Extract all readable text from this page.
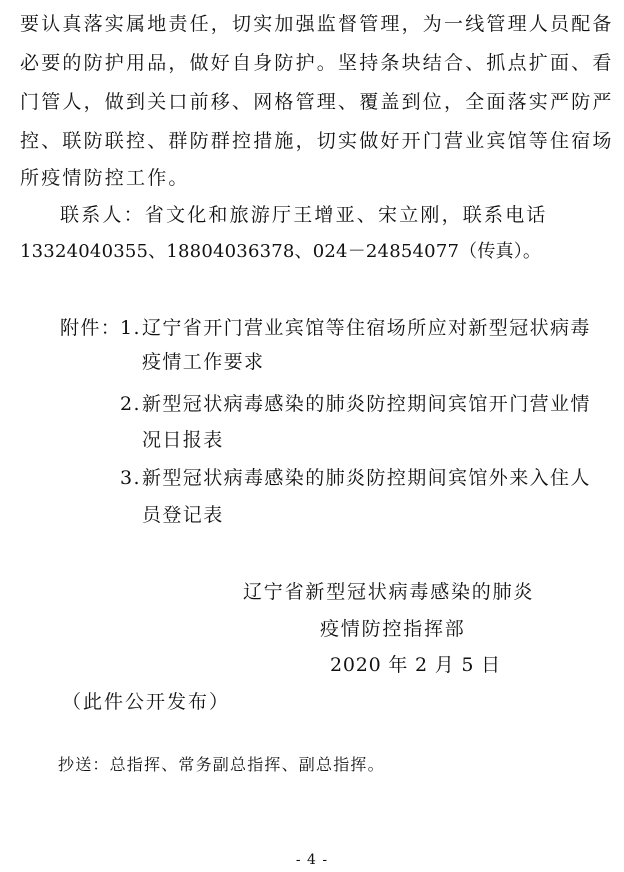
要认真落实属地责任，切实加强监督管理，为一线管理人员配备
必要的防护用品，做好自身防护。坚持条块结合、抓点扩面、看
门管人，做到关口前移、网格管理、覆盖到位，全面落实严防严
控、联防联控、群防群控措施，切实做好开门营业宾馆等住宿场
所疫情防控工作。
联系人：省文化和旅游厅王增亚、宋立刚，联系电话
13324040355、18804036378、024－24854077（传真）。
附件：
1. 辽宁省开门营业宾馆等住宿场所应对新型冠状病毒
疫情工作要求
2. 新型冠状病毒感染的肺炎防控期间宾馆开门营业情
况日报表
3. 新型冠状病毒感染的肺炎防控期间宾馆外来入住人
员登记表
辽宁省新型冠状病毒感染的肺炎
疫情防控指挥部
2020 年 2 月 5 日
（此件公开发布）
抄送：总指挥、常务副总指挥、副总指挥。
- 4 -
